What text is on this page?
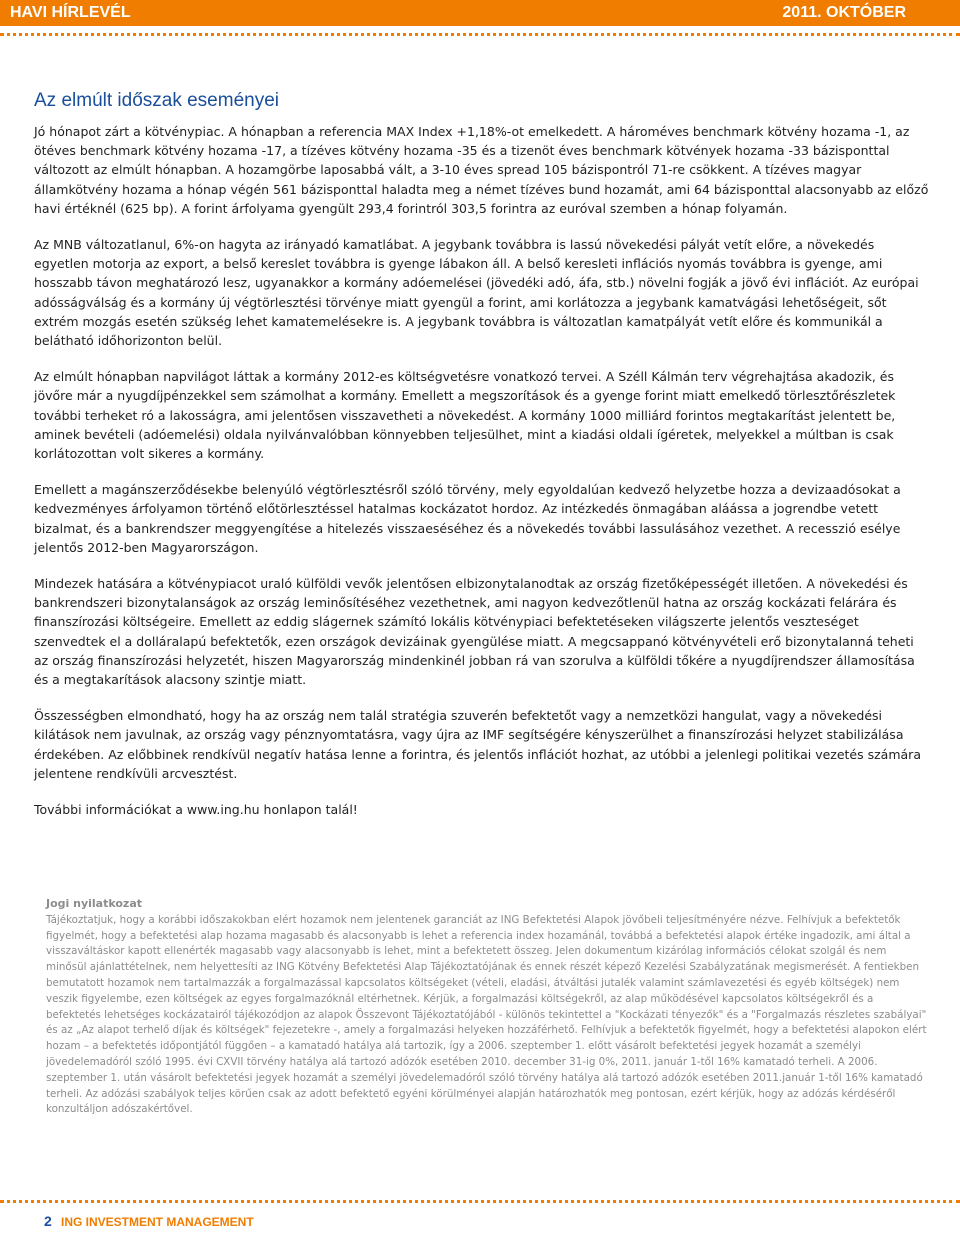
HAVI HÍRLEVÉL	2011. OKTÓBER
Az elmúlt időszak eseményei

Jó hónapot zárt a kötvénypiac. A hónapban a referencia MAX Index +1,18%-ot emelkedett. A hároméves benchmark kötvény hozama -1, az ötéves benchmark kötvény hozama -17, a tízéves kötvény hozama -35 és a tizenöt éves benchmark kötvények hozama -33 bázisponttal változott az elmúlt hónapban. A hozamgörbe laposabbá vált, a 3-10 éves spread 105 bázispontról 71-re csökkent. A tízéves magyar államkötvény hozama a hónap végén 561 bázisponttal haladta meg a német tízéves bund hozamát, ami 64 bázisponttal alacsonyabb az előző havi értéknél (625 bp). A forint árfolyama gyengült 293,4 forintról 303,5 forintra az euróval szemben a hónap folyamán.

Az MNB változatlanul, 6%-on hagyta az irányadó kamatlábat. A jegybank továbbra is lassú növekedési pályát vetít előre, a növekedés egyetlen motorja az export, a belső kereslet továbbra is gyenge lábakon áll. A belső keresleti inflációs nyomás továbbra is gyenge, ami hosszabb távon meghatározó lesz, ugyanakkor a kormány adóemelései (jövedéki adó, áfa, stb.) növelni fogják a jövő évi inflációt. Az európai adósságválság és a kormány új végtörlesztési törvénye miatt gyengül a forint, ami korlátozza a jegybank kamatvágási lehetőségeit, sőt extrém mozgás esetén szükség lehet kamatemelésekre is. A jegybank továbbra is változatlan kamatpályát vetít előre és kommunikál a belátható időhorizonton belül.

Az elmúlt hónapban napvilágot láttak a kormány 2012-es költségvetésre vonatkozó tervei. A Széll Kálmán terv végrehajtása akadozik, és jövőre már a nyugdíjpénzekkel sem számolhat a kormány. Emellett a megszorítások és a gyenge forint miatt emelkedő törlesztőrészletek további terheket ró a lakosságra, ami jelentősen visszavetheti a növekedést. A kormány 1000 milliárd forintos megtakarítást jelentett be, aminek bevételi (adóemelési) oldala nyilvánvalóbban könnyebben teljesülhet, mint a kiadási oldali ígéretek, melyekkel a múltban is csak korlátozottan volt sikeres a kormány.

Emellett a magánszerződésekbe belenyúló végtörlesztésről szóló törvény, mely egyoldalúan kedvező helyzetbe hozza a devizaadósokat a kedvezményes árfolyamon történő előtörlesztéssel hatalmas kockázatot hordoz. Az intézkedés önmagában aláássa a jogrendbe vetett bizalmat, és a bankrendszer meggyengítése a hitelezés visszaeséséhez és a növekedés további lassulásához vezethet. A recesszió esélye jelentős 2012-ben Magyarországon.

Mindezek hatására a kötvénypiacot uraló külföldi vevők jelentősen elbizonytalanodtak az ország fizetőképességét illetően. A növekedési és bankrendszeri bizonytalanságok az ország leminősítéséhez vezethetnek, ami nagyon kedvezőtlenül hatna az ország kockázati felárára és finanszírozási költségeire. Emellett az eddig slágernek számító lokális kötvénypiaci befektetéseken világszerte jelentős veszteséget szenvedtek el a dolláralapú befektetők, ezen országok devizáinak gyengülése miatt. A megcsappanó kötvényvételi erő bizonytalanná teheti az ország finanszírozási helyzetét, hiszen Magyarország mindenkinél jobban rá van szorulva a külföldi tőkére a nyugdíjrendszer államosítása és a megtakarítások alacsony szintje miatt.

Összességben elmondható, hogy ha az ország nem talál stratégia szuverén befektetőt vagy a nemzetközi hangulat, vagy a növekedési kilátások nem javulnak, az ország vagy pénznyomtatásra, vagy újra az IMF segítségére kényszerülhet a finanszírozási helyzet stabilizálása érdekében. Az előbbinek rendkívül negatív hatása lenne a forintra, és jelentős inflációt hozhat, az utóbbi a jelenlegi politikai vezetés számára jelentene rendkívüli arcvesztést.

További információkat a www.ing.hu honlapon talál!

Jogi nyilatkozat
Tájékoztatjuk, hogy a korábbi időszakokban elért hozamok nem jelentenek garanciát az ING Befektetési Alapok jövőbeli teljesítményére nézve. Felhívjuk a befektetők figyelmét, hogy a befektetési alap hozama magasabb és alacsonyabb is lehet a referencia index hozamánál, továbbá a befektetési alapok értéke ingadozik, ami által a visszaváltáskor kapott ellenérték magasabb vagy alacsonyabb is lehet, mint a befektetett összeg. Jelen dokumentum kizárólag információs célokat szolgál és nem minősül ajánlattételnek, nem helyettesíti az ING Kötvény Befektetési Alap Tájékoztatójának és ennek részét képező Kezelési Szabályzatának megismerését. A fentiekben bemutatott hozamok nem tartalmazzák a forgalmazással kapcsolatos költségeket (vételi, eladási, átváltási jutalék valamint számlavezetési és egyéb költségek) nem veszik figyelembe, ezen költségek az egyes forgalmazóknál eltérhetnek. Kérjük, a forgalmazási költségekről, az alap működésével kapcsolatos költségekről és a befektetés lehetséges kockázatairól tájékozódjon az alapok Összevont Tájékoztatójából - különös tekintettel a "Kockázati tényezők" és a "Forgalmazás részletes szabályai" és az „Az alapot terhelő díjak és költségek" fejezetekre -, amely a forgalmazási helyeken hozzáférhető. Felhívjuk a befektetők figyelmét, hogy a befektetési alapokon elért hozam – a befektetés időpontjától függően – a kamatadó hatálya alá tartozik, így a 2006. szeptember 1. előtt vásárolt befektetési jegyek hozamát a személyi jövedelemadóról szóló 1995. évi CXVII törvény hatálya alá tartozó adózók esetében 2010. december 31-ig 0%, 2011. január 1-től 16% kamatadó terheli. A 2006. szeptember 1. után vásárolt befektetési jegyek hozamát a személyi jövedelemadóról szóló törvény hatálya alá tartozó adózók esetében 2011.január 1-től 16% kamatadó terheli. Az adózási szabályok teljes körűen csak az adott befektető egyéni körülményei alapján határozhatók meg pontosan, ezért kérjük, hogy az adózás kérdéséről konzultáljon adószakértővel.
2 ING INVESTMENT MANAGEMENT
